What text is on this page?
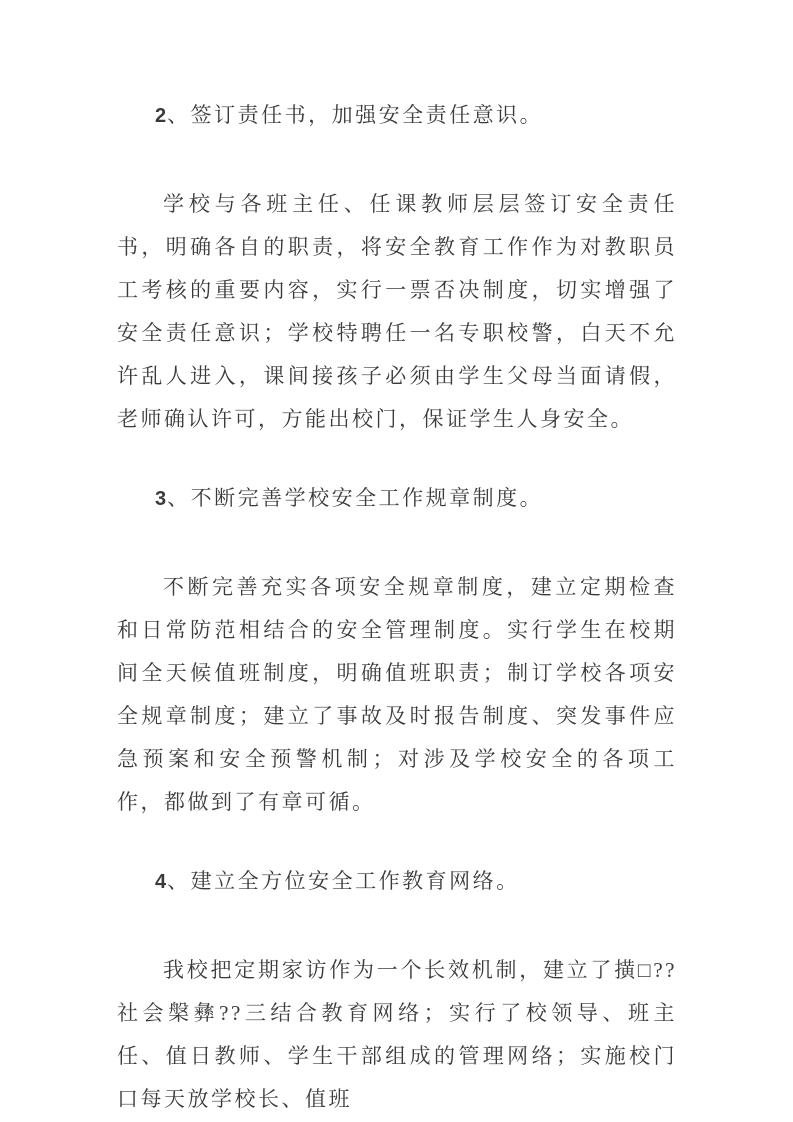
2、签订责任书，加强安全责任意识。

学校与各班主任、任课教师层层签订安全责任书，明确各自的职责，将安全教育工作作为对教职员工考核的重要内容，实行一票否决制度，切实增强了安全责任意识；学校特聘任一名专职校警，白天不允许乱人进入，课间接孩子必须由学生父母当面请假，老师确认许可，方能出校门，保证学生人身安全。

3、不断完善学校安全工作规章制度。

不断完善充实各项安全规章制度，建立定期检查和日常防范相结合的安全管理制度。实行学生在校期间全天候值班制度，明确值班职责；制订学校各项安全规章制度；建立了事故及时报告制度、突发事件应急预案和安全预警机制；对涉及学校安全的各项工作，都做到了有章可循。

4、建立全方位安全工作教育网络。

我校把定期家访作为一个长效机制，建立了撗□??社会槃彝??三结合教育网络；实行了校领导、班主任、值日教师、学生干部组成的管理网络；实施校门口每天放学校长、值班
